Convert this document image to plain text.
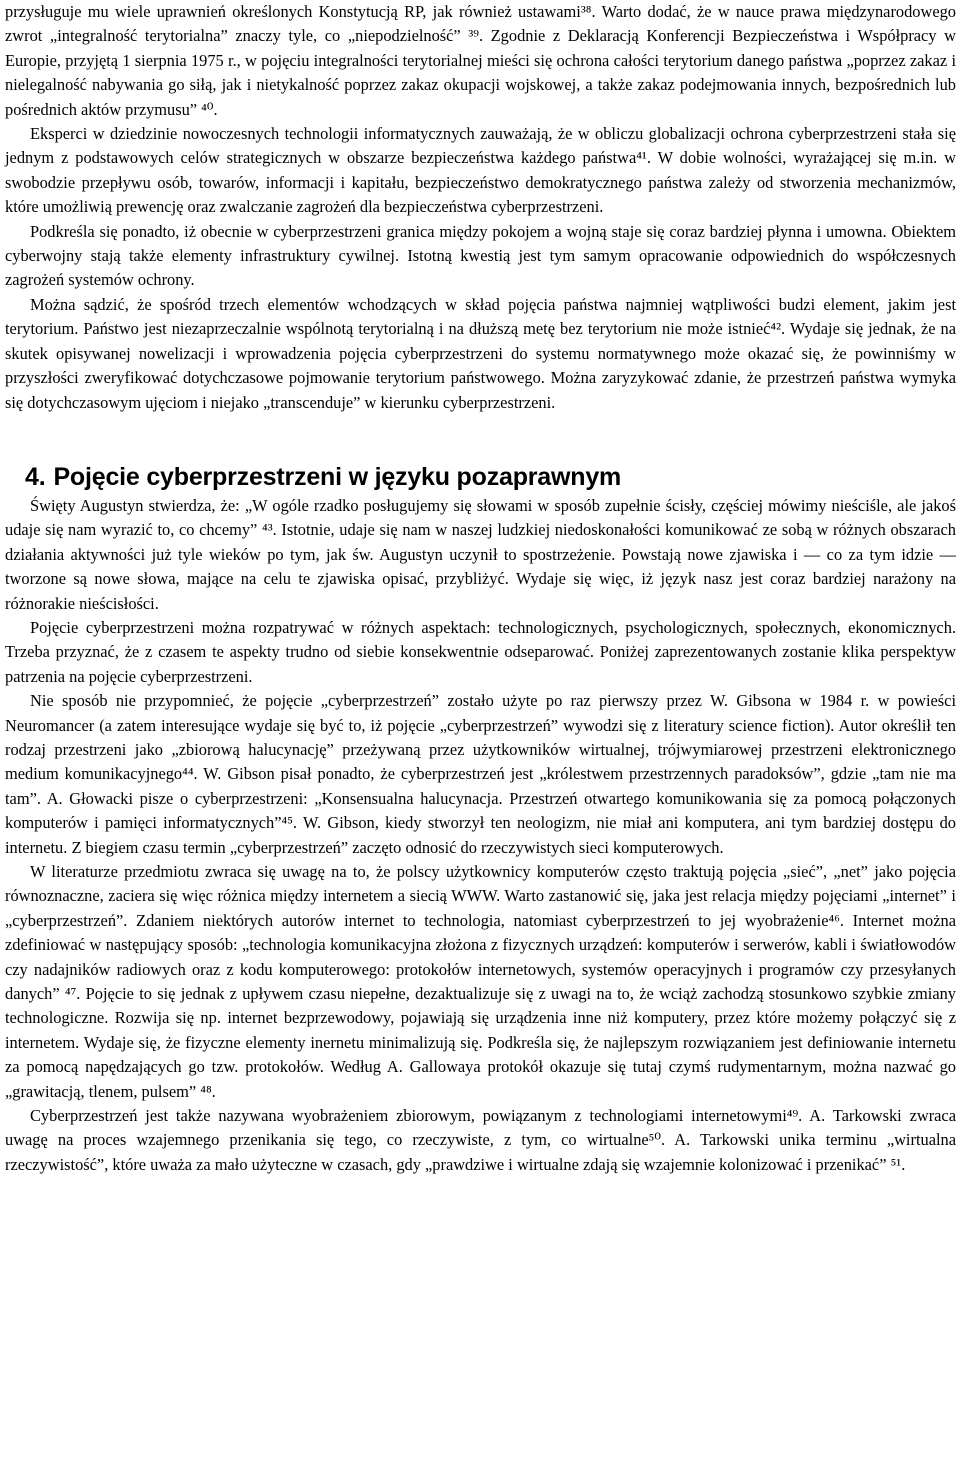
przysługuje mu wiele uprawnień określonych Konstytucją RP, jak również ustawami³⁸. Warto dodać, że w nauce prawa międzynarodowego zwrot „integralność terytorialna” znaczy tyle, co „niepodzielność” ³⁹. Zgodnie z Deklaracją Konferencji Bezpieczeństwa i Współpracy w Europie, przyjętą 1 sierpnia 1975 r., w pojęciu integralności terytorialnej mieści się ochrona całości terytorium danego państwa „poprzez zakaz i nielegalność nabywania go siłą, jak i nietykalność poprzez zakaz okupacji wojskowej, a także zakaz podejmowania innych, bezpośrednich lub pośrednich aktów przymusu” ⁴⁰.

Eksperci w dziedzinie nowoczesnych technologii informatycznych zauważają, że w obliczu globalizacji ochrona cyberprzestrzeni stała się jednym z podstawowych celów strategicznych w obszarze bezpieczeństwa każdego państwa⁴¹. W dobie wolności, wyrażającej się m.in. w swobodzie przepływu osób, towarów, informacji i kapitału, bezpieczeństwo demokratycznego państwa zależy od stworzenia mechanizmów, które umożliwią prewencję oraz zwalczanie zagrożeń dla bezpieczeństwa cyberprzestrzeni.

Podkreśla się ponadto, iż obecnie w cyberprzestrzeni granica między pokojem a wojną staje się coraz bardziej płynna i umowna. Obiektem cyberwojny stają także elementy infrastruktury cywilnej. Istotną kwestią jest tym samym opracowanie odpowiednich do współczesnych zagrożeń systemów ochrony.

Można sądzić, że spośród trzech elementów wchodzących w skład pojęcia państwa najmniej wątpliwości budzi element, jakim jest terytorium. Państwo jest niezaprzeczalnie wspólnotą terytorialną i na dłuższą metę bez terytorium nie może istnieć⁴². Wydaje się jednak, że na skutek opisywanej nowelizacji i wprowadzenia pojęcia cyberprzestrzeni do systemu normatywnego może okazać się, że powinniśmy w przyszłości zweryfikować dotychczasowe pojmowanie terytorium państwowego. Można zaryzykować zdanie, że przestrzeń państwa wymyka się dotychczasowym ujęciom i niejako „transcenduje” w kierunku cyberprzestrzeni.

4. Pojęcie cyberprzestrzeni w języku pozaprawnym

Święty Augustyn stwierdza, że: „W ogóle rzadko posługujemy się słowami w sposób zupełnie ścisły, częściej mówimy nieściśle, ale jakoś udaje się nam wyrazić to, co chcemy” ⁴³. Istotnie, udaje się nam w naszej ludzkiej niedoskonałości komunikować ze sobą w różnych obszarach działania aktywności już tyle wieków po tym, jak św. Augustyn uczynił to spostrzeżenie. Powstają nowe zjawiska i — co za tym idzie — tworzone są nowe słowa, mające na celu te zjawiska opisać, przybliżyć. Wydaje się więc, iż język nasz jest coraz bardziej narażony na różnorakie nieścisłości.

Pojęcie cyberprzestrzeni można rozpatrywać w różnych aspektach: technologicznych, psychologicznych, społecznych, ekonomicznych. Trzeba przyznać, że z czasem te aspekty trudno od siebie konsekwentnie odseparować. Poniżej zaprezentowanych zostanie klika perspektyw patrzenia na pojęcie cyberprzestrzeni.

Nie sposób nie przypomnieć, że pojęcie „cyberprzestrzeń” zostało użyte po raz pierwszy przez W. Gibsona w 1984 r. w powieści Neuromancer (a zatem interesujące wydaje się być to, iż pojęcie „cyberprzestrzeń” wywodzi się z literatury science fiction). Autor określił ten rodzaj przestrzeni jako „zbiorową halucynację” przeżywaną przez użytkowników wirtualnej, trójwymiarowej przestrzeni elektronicznego medium komunikacyjnego⁴⁴. W. Gibson pisał ponadto, że cyberprzestrzeń jest „królestwem przestrzennych paradoksów”, gdzie „tam nie ma tam”. A. Głowacki pisze o cyberprzestrzeni: „Konsensualna halucynacja. Przestrzeń otwartego komunikowania się za pomocą połączonych komputerów i pamięci informatycznych”⁴⁵. W. Gibson, kiedy stworzył ten neologizm, nie miał ani komputera, ani tym bardziej dostępu do internetu. Z biegiem czasu termin „cyberprzestrzeń” zaczęto odnosić do rzeczywistych sieci komputerowych.

W literaturze przedmiotu zwraca się uwagę na to, że polscy użytkownicy komputerów często traktują pojęcia „sieć”, „net” jako pojęcia równoznaczne, zaciera się więc różnica między internetem a siecią WWW. Warto zastanowić się, jaka jest relacja między pojęciami „internet” i „cyberprzestrzeń”. Zdaniem niektórych autorów internet to technologia, natomiast cyberprzestrzeń to jej wyobrażenie⁴⁶. Internet można zdefiniować w następujący sposób: „technologia komunikacyjna złożona z fizycznych urządzeń: komputerów i serwerów, kabli i światłowodów czy nadajników radiowych oraz z kodu komputerowego: protokołów internetowych, systemów operacyjnych i programów czy przesyłanych danych” ⁴⁷. Pojęcie to się jednak z upływem czasu niepełne, dezaktualizuje się z uwagi na to, że wciąż zachodzą stosunkowo szybkie zmiany technologiczne. Rozwija się np. internet bezprzewodowy, pojawiają się urządzenia inne niż komputery, przez które możemy połączyć się z internetem. Wydaje się, że fizyczne elementy inernetu minimalizują się. Podkreśla się, że najlepszym rozwiązaniem jest definiowanie internetu za pomocą napędzających go tzw. protokołów. Według A. Gallowaya protokół okazuje się tutaj czymś rudymentarnym, można nazwać go „grawitacją, tlenem, pulsem” ⁴⁸.

Cyberprzestrzeń jest także nazywana wyobrażeniem zbiorowym, powiązanym z technologiami internetowymi⁴⁹. A. Tarkowski zwraca uwagę na proces wzajemnego przenikania się tego, co rzeczywiste, z tym, co wirtualne⁵⁰. A. Tarkowski unika terminu „wirtualna rzeczywistość”, które uważa za mało użyteczne w czasach, gdy „prawdziwe i wirtualne zdają się wzajemnie kolonizować i przenikać” ⁵¹.
